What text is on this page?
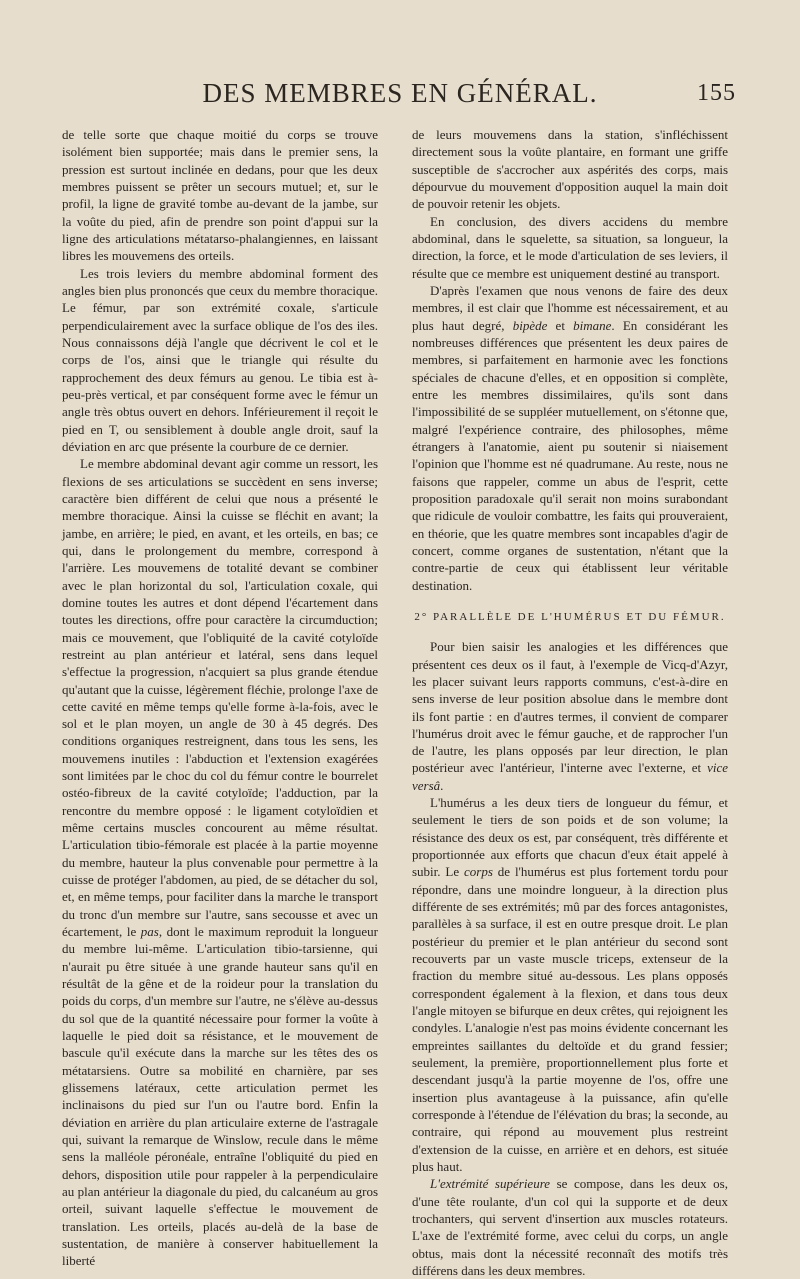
DES MEMBRES EN GÉNÉRAL.	155

de telle sorte que chaque moitié du corps se trouve isolément bien supportée; mais dans le premier sens, la pression est surtout inclinée en dedans, pour que les deux membres puissent se prêter un secours mutuel; et, sur le profil, la ligne de gravité tombe au-devant de la jambe, sur la voûte du pied, afin de prendre son point d'appui sur la ligne des articulations métatarso-phalangiennes, en laissant libres les mouvemens des orteils.

Les trois leviers du membre abdominal forment des angles bien plus prononcés que ceux du membre thoracique. Le fémur, par son extrémité coxale, s'articule perpendiculairement avec la surface oblique de l'os des iles. Nous connaissons déjà l'angle que décrivent le col et le corps de l'os, ainsi que le triangle qui résulte du rapprochement des deux fémurs au genou. Le tibia est à-peu-près vertical, et par conséquent forme avec le fémur un angle très obtus ouvert en dehors. Inférieurement il reçoit le pied en T, ou sensiblement à double angle droit, sauf la déviation en arc que présente la courbure de ce dernier.

Le membre abdominal devant agir comme un ressort, les flexions de ses articulations se succèdent en sens inverse; caractère bien différent de celui que nous a présenté le membre thoracique. Ainsi la cuisse se fléchit en avant; la jambe, en arrière; le pied, en avant, et les orteils, en bas; ce qui, dans le prolongement du membre, correspond à l'arrière. Les mouvemens de totalité devant se combiner avec le plan horizontal du sol, l'articulation coxale, qui domine toutes les autres et dont dépend l'écartement dans toutes les directions, offre pour caractère la circumduction; mais ce mouvement, que l'obliquité de la cavité cotyloïde restreint au plan antérieur et latéral, sens dans lequel s'effectue la progression, n'acquiert sa plus grande étendue qu'autant que la cuisse, légèrement fléchie, prolonge l'axe de cette cavité en même temps qu'elle forme à-la-fois, avec le sol et le plan moyen, un angle de 30 à 45 degrés. Des conditions organiques restreignent, dans tous les sens, les mouvemens inutiles : l'abduction et l'extension exagérées sont limitées par le choc du col du fémur contre le bourrelet ostéo-fibreux de la cavité cotyloïde; l'adduction, par la rencontre du membre opposé : le ligament cotyloïdien et même certains muscles concourent au même résultat. L'articulation tibio-fémorale est placée à la partie moyenne du membre, hauteur la plus convenable pour permettre à la cuisse de protéger l'abdomen, au pied, de se détacher du sol, et, en même temps, pour faciliter dans la marche le transport du tronc d'un membre sur l'autre, sans secousse et avec un écartement, le pas, dont le maximum reproduit la longueur du membre lui-même. L'articulation tibio-tarsienne, qui n'aurait pu être située à une grande hauteur sans qu'il en résultât de la gêne et de la roideur pour la translation du poids du corps, d'un membre sur l'autre, ne s'élève au-dessus du sol que de la quantité nécessaire pour former la voûte à laquelle le pied doit sa résistance, et le mouvement de bascule qu'il exécute dans la marche sur les têtes des os métatarsiens. Outre sa mobilité en charnière, par ses glissemens latéraux, cette articulation permet les inclinaisons du pied sur l'un ou l'autre bord. Enfin la déviation en arrière du plan articulaire externe de l'astragale qui, suivant la remarque de Winslow, recule dans le même sens la malléole péronéale, entraîne l'obliquité du pied en dehors, disposition utile pour rappeler à la perpendiculaire au plan antérieur la diagonale du pied, du calcanéum au gros orteil, suivant laquelle s'effectue le mouvement de translation. Les orteils, placés au-delà de la base de sustentation, de manière à conserver habituellement la liberté

de leurs mouvemens dans la station, s'infléchissent directement sous la voûte plantaire, en formant une griffe susceptible de s'accrocher aux aspérités des corps, mais dépourvue du mouvement d'opposition auquel la main doit de pouvoir retenir les objets.

En conclusion, des divers accidens du membre abdominal, dans le squelette, sa situation, sa longueur, la direction, la force, et le mode d'articulation de ses leviers, il résulte que ce membre est uniquement destiné au transport.

D'après l'examen que nous venons de faire des deux membres, il est clair que l'homme est nécessairement, et au plus haut degré, bipède et bimane. En considérant les nombreuses différences que présentent les deux paires de membres, si parfaitement en harmonie avec les fonctions spéciales de chacune d'elles, et en opposition si complète, entre les membres dissimilaires, qu'ils sont dans l'impossibilité de se suppléer mutuellement, on s'étonne que, malgré l'expérience contraire, des philosophes, même étrangers à l'anatomie, aient pu soutenir si niaisement l'opinion que l'homme est né quadrumane. Au reste, nous ne faisons que rappeler, comme un abus de l'esprit, cette proposition paradoxale qu'il serait non moins surabondant que ridicule de vouloir combattre, les faits qui prouveraient, en théorie, que les quatre membres sont incapables d'agir de concert, comme organes de sustentation, n'étant que la contre-partie de ceux qui établissent leur véritable destination.

2° PARALLÈLE DE L'HUMÉRUS ET DU FÉMUR.

Pour bien saisir les analogies et les différences que présentent ces deux os il faut, à l'exemple de Vicq-d'Azyr, les placer suivant leurs rapports communs, c'est-à-dire en sens inverse de leur position absolue dans le membre dont ils font partie : en d'autres termes, il convient de comparer l'humérus droit avec le fémur gauche, et de rapprocher l'un de l'autre, les plans opposés par leur direction, le plan postérieur avec l'antérieur, l'interne avec l'externe, et vice versâ.

L'humérus a les deux tiers de longueur du fémur, et seulement le tiers de son poids et de son volume; la résistance des deux os est, par conséquent, très différente et proportionnée aux efforts que chacun d'eux était appelé à subir. Le corps de l'humérus est plus fortement tordu pour répondre, dans une moindre longueur, à la direction plus différente de ses extrémités; mû par des forces antagonistes, parallèles à sa surface, il est en outre presque droit. Le plan postérieur du premier et le plan antérieur du second sont recouverts par un vaste muscle triceps, extenseur de la fraction du membre situé au-dessous. Les plans opposés correspondent également à la flexion, et dans tous deux l'angle mitoyen se bifurque en deux crêtes, qui rejoignent les condyles. L'analogie n'est pas moins évidente concernant les empreintes saillantes du deltoïde et du grand fessier; seulement, la première, proportionnellement plus forte et descendant jusqu'à la partie moyenne de l'os, offre une insertion plus avantageuse à la puissance, afin qu'elle corresponde à l'étendue de l'élévation du bras; la seconde, au contraire, qui répond au mouvement plus restreint d'extension de la cuisse, en arrière et en dehors, est située plus haut.

L'extrémité supérieure se compose, dans les deux os, d'une tête roulante, d'un col qui la supporte et de deux trochanters, qui servent d'insertion aux muscles rotateurs. L'axe de l'extrémité forme, avec celui du corps, un angle obtus, mais dont la nécessité reconnaît des motifs très différens dans les deux membres.
